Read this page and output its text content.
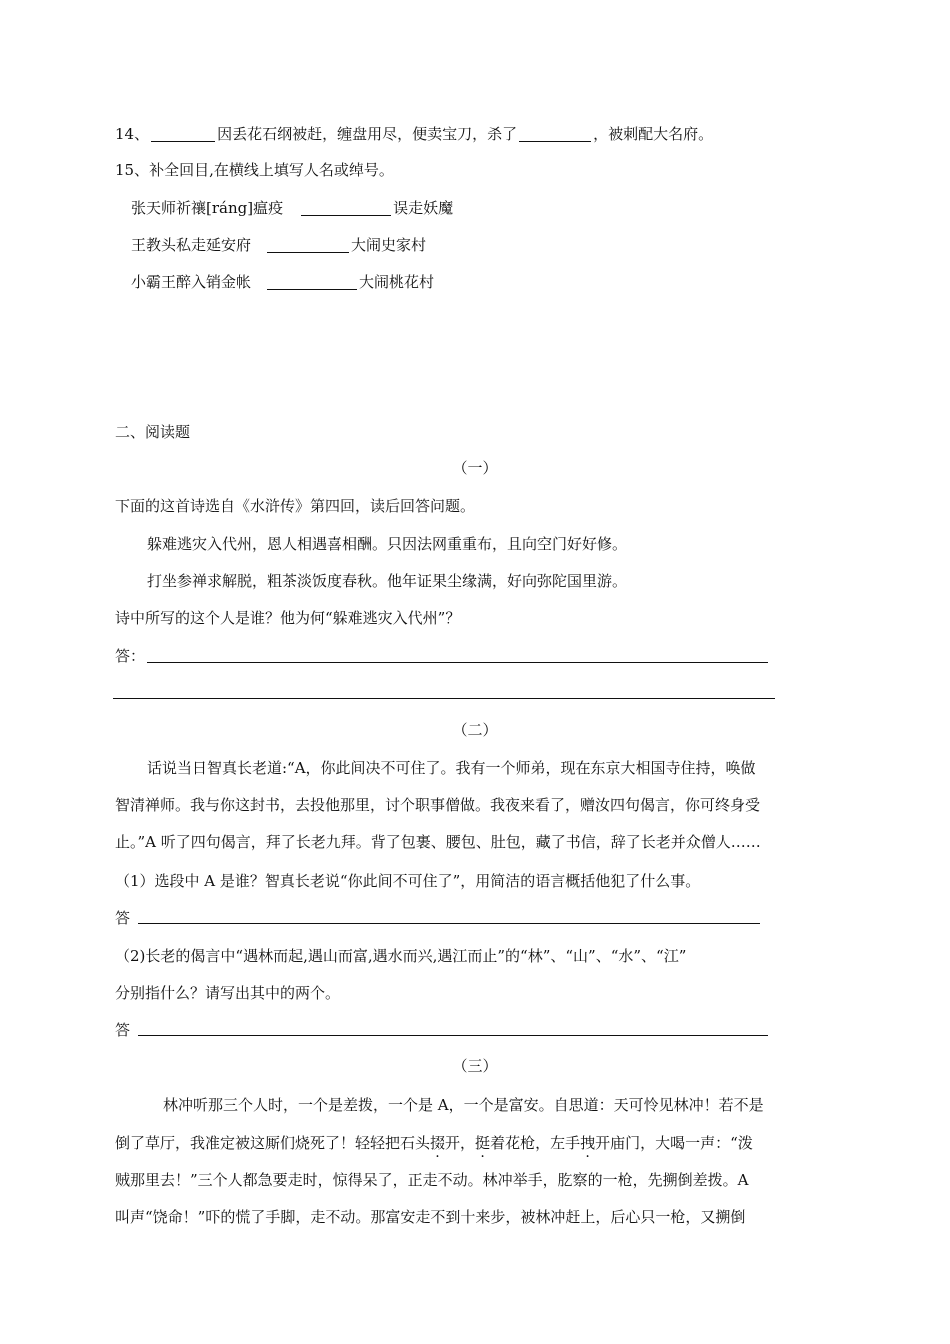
14、	因丢花石纲被赶，缠盘用尽，便卖宝刀，杀了	，被刺配大名府。
15、补全回目,在横线上填写人名或绰号。
张天师祈禳[ráng]瘟疫	误走妖魔
王教头私走延安府	大闹史家村
小霸王醉入销金帐	大闹桃花村
二、阅读题
（一）
下面的这首诗选自《水浒传》第四回，读后回答问题。
躲难逃灾入代州，恩人相遇喜相酬。只因法网重重布，且向空门好好修。
打坐参禅求解脱，粗茶淡饭度春秋。他年证果尘缘满，好向弥陀国里游。
诗中所写的这个人是谁？他为何“躲难逃灾入代州”？
答：
（二）
话说当日智真长老道:“A，你此间决不可住了。我有一个师弟，现在东京大相国寺住持，唤做
智清禅师。我与你这封书，去投他那里，讨个职事僧做。我夜来看了，赠汝四句偈言，你可终身受
止。”A 听了四句偈言，拜了长老九拜。背了包裹、腰包、肚包，藏了书信，辞了长老并众僧人……
（1）选段中 A 是谁？智真长老说“你此间不可住了”，用简洁的语言概括他犯了什么事。
答
（2)长老的偈言中“遇林而起,遇山而富,遇水而兴,遇江而止”的“林”、“山”、“水”、“江”
分别指什么？请写出其中的两个。
答
（三）
林冲听那三个人时，一个是差拨，一个是 A，一个是富安。自思道：天可怜见林冲！若不是
倒了草厅，我准定被这厮们烧死了！轻轻把石头掇开，挺着花枪，左手拽开庙门，大喝一声：“泼
贼那里去！”三个人都急要走时，惊得呆了，正走不动。林冲举手，肐察的一枪，先搠倒差拨。A
叫声“饶命！”吓的慌了手脚，走不动。那富安走不到十来步，被林冲赶上，后心只一枪，又搠倒
